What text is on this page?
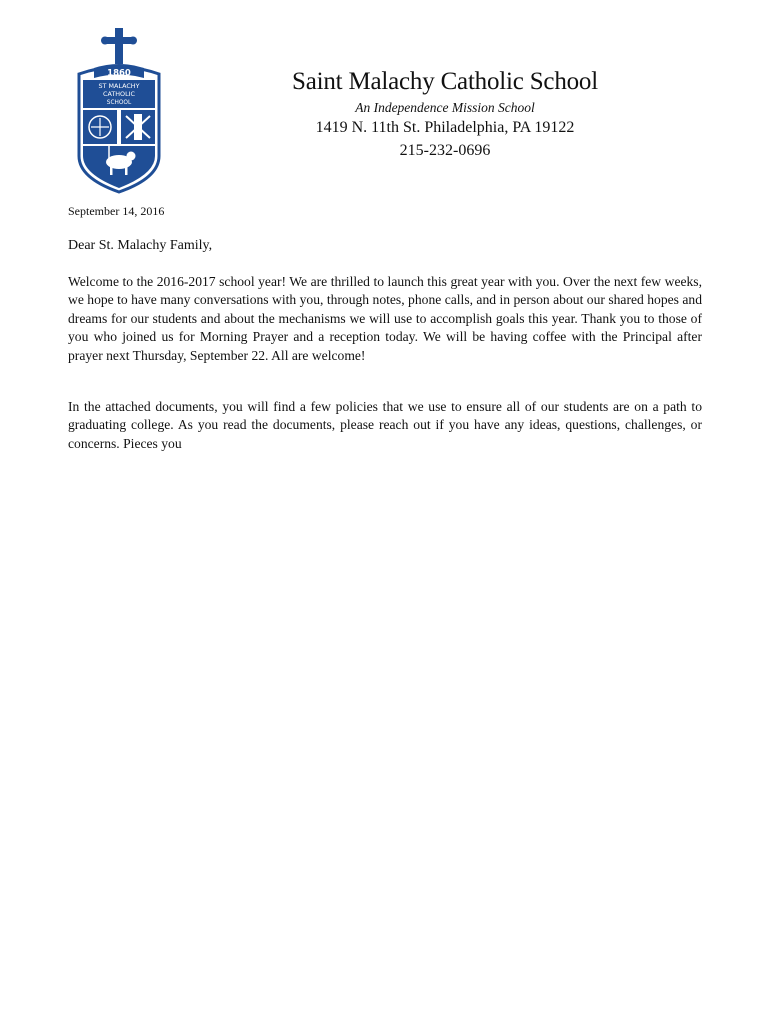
1860
ST MALACHY
CATHOLIC
SCHOOL
Saint Malachy Catholic School
An Independence Mission School
1419 N. 11th St. Philadelphia, PA 19122
215-232-0696
September 14, 2016
Dear St. Malachy Family,

Welcome to the 2016-2017 school year! We are thrilled to launch this great year with you. Over the next few weeks, we hope to have many conversations with you, through notes, phone calls, and in person about our shared hopes and dreams for our students and about the mechanisms we will use to accomplish goals this year. Thank you to those of you who joined us for Morning Prayer and a reception today. We will be having coffee with the Principal after prayer next Thursday, September 22. All are welcome!

In the attached documents, you will find a few policies that we use to ensure all of our students are on a path to graduating college. As you read the documents, please reach out if you have any ideas, questions, challenges, or concerns. Pieces you
